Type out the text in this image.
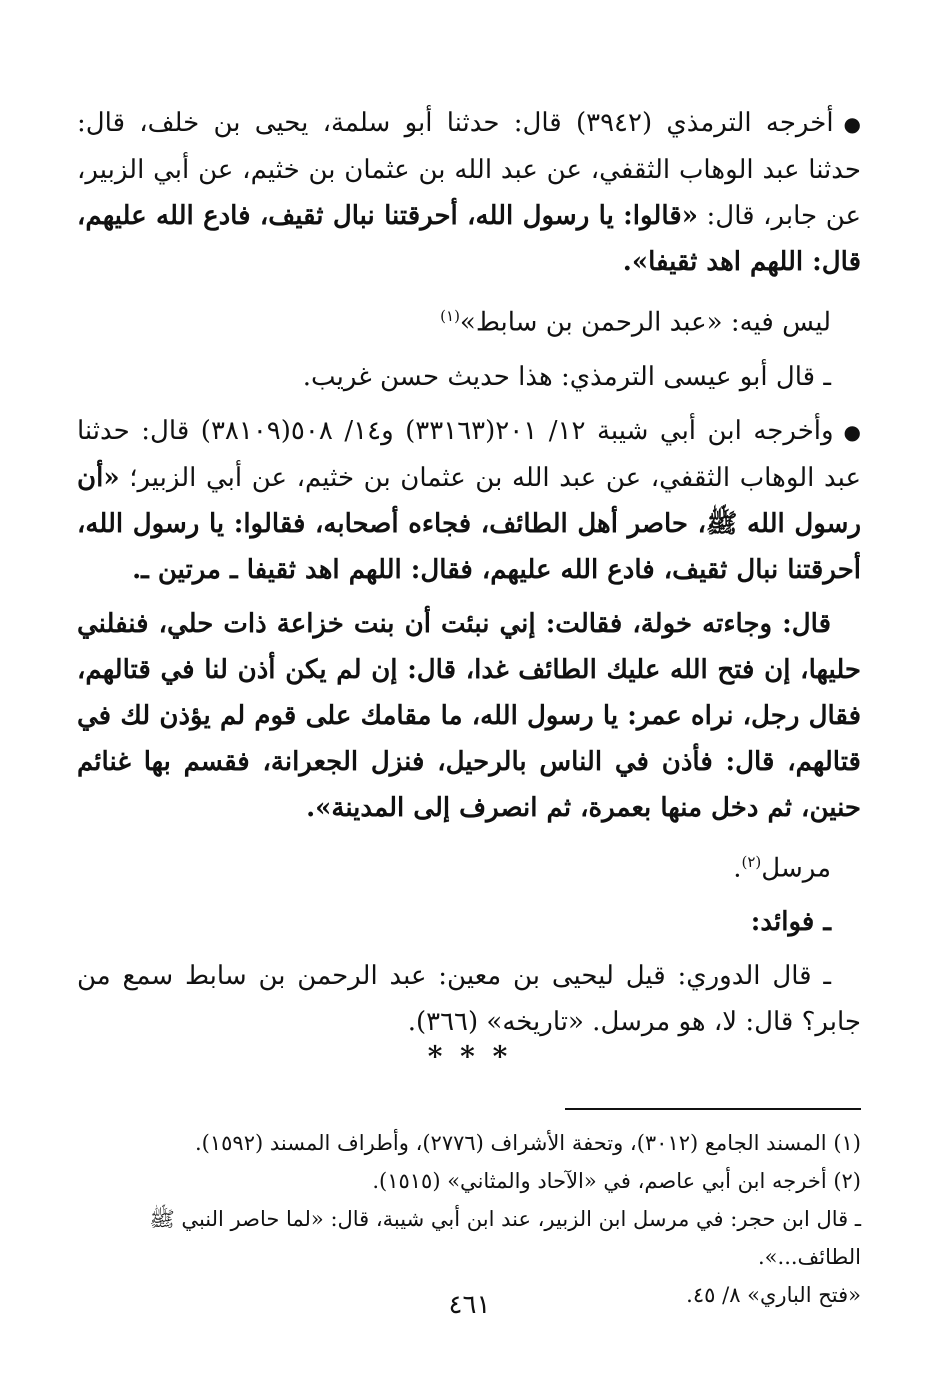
●أخرجه الترمذي (٣٩٤٢) قال: حدثنا أبو سلمة، يحيى بن خلف، قال: حدثنا عبد الوهاب الثقفي، عن عبد الله بن عثمان بن خثيم، عن أبي الزبير، عن جابر، قال: «قالوا: يا رسول الله، أحرقتنا نبال ثقيف، فادع الله عليهم، قال: اللهم اهد ثقيفا».

ليس فيه: «عبد الرحمن بن سابط»$^{(١)}$

ـ قال أبو عيسى الترمذي: هذا حديث حسن غريب.

●وأخرجه ابن أبي شيبة ١٢/ ٢٠١(٣٣١٦٣) و١٤/ ٥٠٨(٣٨١٠٩) قال: حدثنا عبد الوهاب الثقفي، عن عبد الله بن عثمان بن خثيم، عن أبي الزبير؛ «أن رسول الله ﷺ، حاصر أهل الطائف، فجاءه أصحابه، فقالوا: يا رسول الله، أحرقتنا نبال ثقيف، فادع الله عليهم، فقال: اللهم اهد ثقيفا ـ مرتين ـ.

قال: وجاءته خولة، فقالت: إني نبئت أن بنت خزاعة ذات حلي، فنفلني حليها، إن فتح الله عليك الطائف غدا، قال: إن لم يكن أذن لنا في قتالهم، فقال رجل، نراه عمر: يا رسول الله، ما مقامك على قوم لم يؤذن لك في قتالهم، قال: فأذن في الناس بالرحيل، فنزل الجعرانة، فقسم بها غنائم حنين، ثم دخل منها بعمرة، ثم انصرف إلى المدينة».

مرسل$^{(٢)}$.

ـ فوائد:

ـ قال الدوري: قيل ليحيى بن معين: عبد الرحمن بن سابط سمع من جابر؟ قال: لا، هو مرسل. «تاريخه» (٣٦٦).

* * *

(١) المسند الجامع (٣٠١٢)، وتحفة الأشراف (٢٧٧٦)، وأطراف المسند (١٥٩٢).

(٢) أخرجه ابن أبي عاصم، في «الآحاد والمثاني» (١٥١٥).

ـ قال ابن حجر: في مرسل ابن الزبير، عند ابن أبي شيبة، قال: «لما حاصر النبي ﷺ الطائف...».

«فتح الباري» ٨/ ٤٥.

٤٦١
